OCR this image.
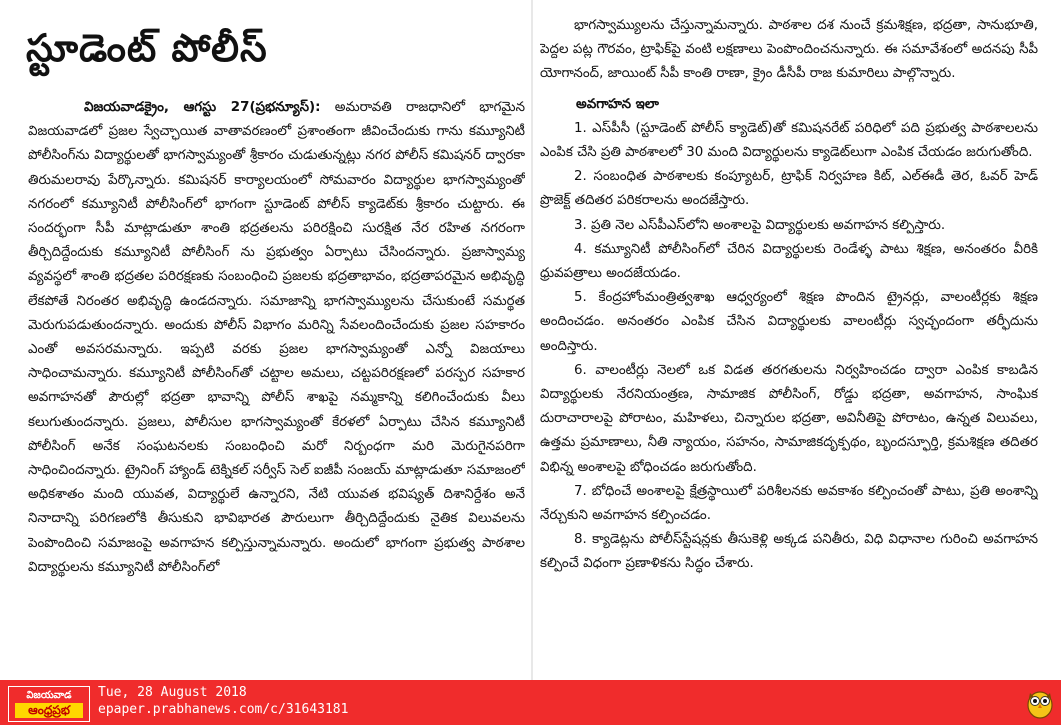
స్టూడెంట్ పోలీస్

విజయవాడక్రైం, ఆగస్టు 27(ప్రభన్యూస్): అమరావతి రాజధానిలో భాగమైన విజయవాడలో ప్రజల స్వేచ్ఛాయిత వాతావరణంలో ప్రశాంతంగా జీవించేందుకు గాను కమ్యూనిటీ పోలీసింగ్‌ను విద్యార్థులతో భాగస్వామ్యంతో శ్రీకారం చుడుతున్నట్లు నగర పోలీస్ కమిషనర్ ద్వారకా తిరుమలరావు పేర్కొన్నారు. కమిషనర్ కార్యాలయంలో సోమవారం విద్యార్థుల భాగస్వామ్యంతో నగరంలో కమ్యూనిటీ పోలీసింగ్‌లో భాగంగా స్టూడెంట్ పోలీస్ క్యాడెట్‌కు శ్రీకారం చుట్టారు. ఈ సందర్భంగా సీపీ మాట్లాడుతూ శాంతి భద్రతలను పరిరక్షించి సురక్షిత నేర రహిత నగరంగా తీర్చిదిద్దేందుకు కమ్యూనిటీ పోలీసింగ్ ను ప్రభుత్వం ఏర్పాటు చేసిందన్నారు. ప్రజాస్వామ్య వ్యవస్థలో శాంతి భద్రతల పరిరక్షణకు సంబంధించి ప్రజలకు భద్రతాభావం, భద్రతాపరమైన అభివృద్ధి లేకపోతే నిరంతర అభివృద్ధి ఉండదన్నారు. సమాజాన్ని భాగస్వామ్యులను చేసుకుంటే సమర్థత మెరుగుపడుతుందన్నారు. అందుకు పోలీస్ విభాగం మరిన్ని సేవలందించేందుకు ప్రజల సహకారం ఎంతో అవసరమన్నారు. ఇప్పటి వరకు ప్రజల భాగస్వామ్యంతో ఎన్నో విజయాలు సాధించామన్నారు. కమ్యూనిటీ పోలీసింగ్‌తో చట్టాల అమలు, చట్టపరిరక్షణలో పరస్పర సహకార అవగాహనతో పౌరుల్లో భద్రతా భావాన్ని పోలీస్ శాఖపై నమ్మకాన్ని కలిగించేందుకు వీలు కలుగుతుందన్నారు. ప్రజలు, పోలీసుల భాగస్వామ్యంతో కేరళలో ఏర్పాటు చేసిన కమ్యూనిటీ పోలీసింగ్ అనేక సంఘటనలకు సంబంధించి మరో నిర్బంధగా మరి మెరుగైనపరిగా సాధించిందన్నారు. ట్రైనింగ్ హ్యాండ్ టెక్నికల్ సర్వీస్ సెల్ ఐజీపీ సంజయ్ మాట్లాడుతూ సమాజంలో అధికశాతం మంది యువత, విద్యార్థులే ఉన్నారని, నేటి యువత భవిష్యత్ దిశానిర్దేశం అనే నినాదాన్ని పరిగణలోకి తీసుకుని భావిభారత పౌరులుగా తీర్చిదిద్దేందుకు నైతిక విలువలను పెంపొందించి సమాజంపై అవగాహన కల్పిస్తున్నామన్నారు. అందులో భాగంగా ప్రభుత్వ పాఠశాల విద్యార్థులను కమ్యూనిటీ పోలీసింగ్‌లో

భాగస్వామ్యులను చేస్తున్నామన్నారు. పాఠశాల దశ నుంచే క్రమశిక్షణ, భద్రతా, సానుభూతి, పెద్దల పట్ల గౌరవం, ట్రాఫిక్‌పై వంటి లక్షణాలు పెంపొందించనున్నారు. ఈ సమావేశంలో అదనపు సీపీ యోగానంద్, జాయింట్ సీపీ కాంతి రాణా, క్రైం డీసీపీ రాజ కుమారిలు పాల్గొన్నారు.

అవగాహన ఇలా

1. ఎస్‌పీసీ (స్టూడెంట్ పోలీస్ క్యాడెట్)తో కమిషనరేట్ పరిధిలో పది ప్రభుత్వ పాఠశాలలను ఎంపిక చేసి ప్రతి పాఠశాలలో 30 మంది విద్యార్థులను క్యాడెట్‌లుగా ఎంపిక చేయడం జరుగుతోంది.

2. సంబంధిత పాఠశాలకు కంప్యూటర్, ట్రాఫిక్ నిర్వహణ కిట్, ఎల్ఈడీ తెర, ఓవర్ హెడ్ ప్రొజెక్ట్ తదితర పరికరాలను అందజేస్తారు.

3. ప్రతి నెల ఎస్‌పీఎస్‌లోని అంశాలపై విద్యార్థులకు అవగాహన కల్పిస్తారు.

4. కమ్యూనిటీ పోలీసింగ్‌లో చేరిన విద్యార్థులకు రెండేళ్ళ పాటు శిక్షణ, అనంతరం వీరికి ధ్రువపత్రాలు అందజేయడం.

5. కేంద్రహోంమంత్రిత్వశాఖ ఆధ్వర్యంలో శిక్షణ పొందిన ట్రైనర్లు, వాలంటీర్లకు శిక్షణ అందించడం. అనంతరం ఎంపిక చేసిన విద్యార్థులకు వాలంటీర్లు స్వచ్ఛందంగా తర్ఫీదును అందిస్తారు.

6. వాలంటీర్లు నెలలో ఒక విడత తరగతులను నిర్వహించడం ద్వారా ఎంపిక కాబడిన విద్యార్థులకు నేరనియంత్రణ, సామాజిక పోలీసింగ్, రోడ్డు భద్రతా, అవగాహన, సాంఘిక దురాచారాలపై పోరాటం, మహిళలు, చిన్నారుల భద్రతా, అవినీతిపై పోరాటం, ఉన్నత విలువలు, ఉత్తమ ప్రమాణాలు, నీతి న్యాయం, సహనం, సామాజికదృక్పథం, బృందస్ఫూర్తి, క్రమశిక్షణ తదితర విభిన్న అంశాలపై బోధించడం జరుగుతోంది.

7. బోధించే అంశాలపై క్షేత్రస్థాయిలో పరిశీలనకు అవకాశం కల్పించంతో పాటు, ప్రతి అంశాన్ని నేర్చుకుని అవగాహన కల్పించడం.

8. క్యాడెట్లను పోలీస్‌స్టేషన్లకు తీసుకెళ్లి అక్కడ పనితీరు, విధి విధానాల గురించి అవగాహన కల్పించే విధంగా ప్రణాళికను సిద్ధం చేశారు.

విజయవాడ
ఆంధ్రప్రభ
Tue, 28 August 2018
epaper.prabhanews.com/c/31643181
